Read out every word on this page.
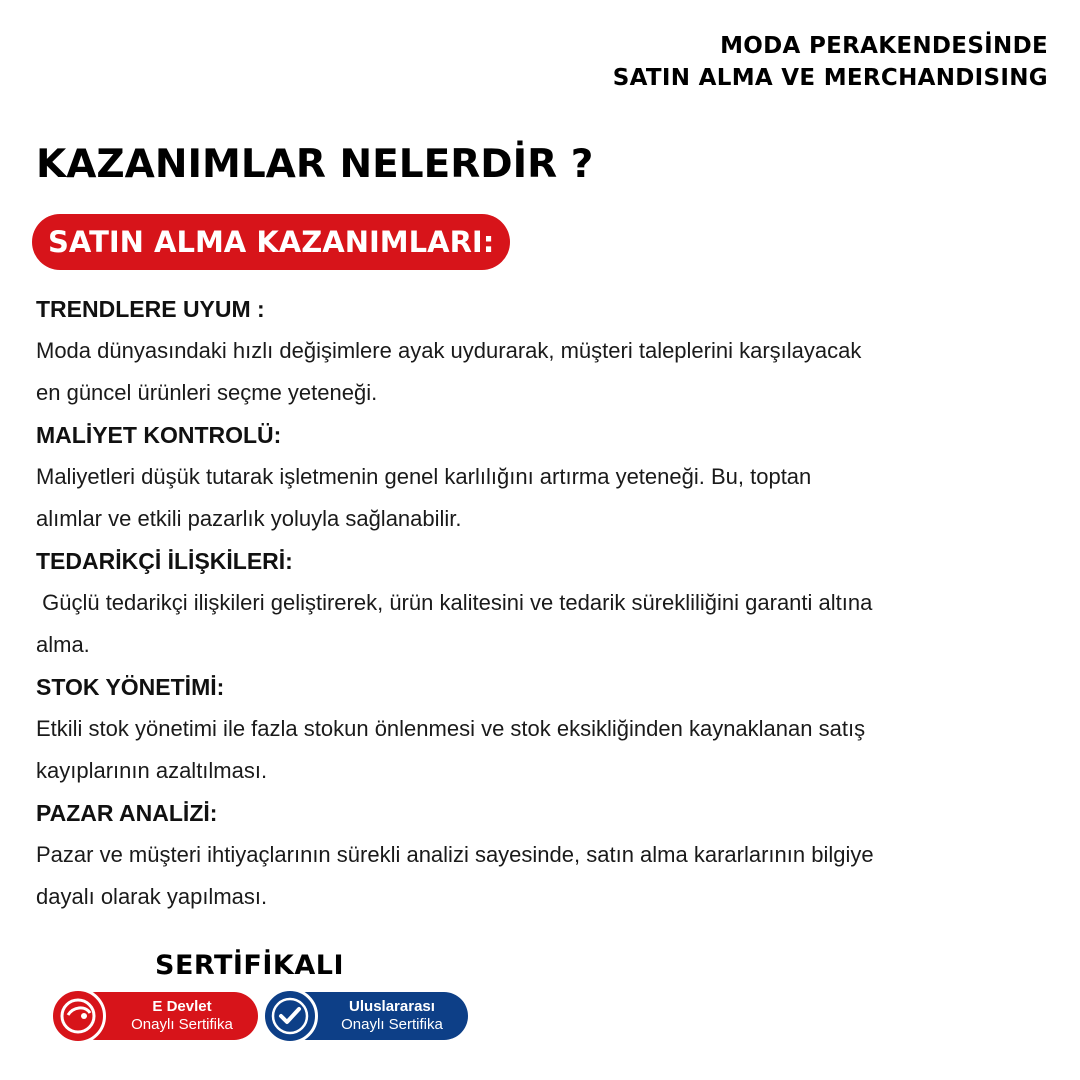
MODA PERAKENDESİNDE
SATIN ALMA VE MERCHANDISING
KAZANIMLAR NELERDİR ?
SATIN ALMA KAZANIMLARI:
TRENDLERE UYUM :
Moda dünyasındaki hızlı değişimlere ayak uydurarak, müşteri taleplerini karşılayacak
en güncel ürünleri seçme yeteneği.
MALİYET KONTROLÜ:
Maliyetleri düşük tutarak işletmenin genel karlılığını artırma yeteneği. Bu, toptan
alımlar ve etkili pazarlık yoluyla sağlanabilir.
TEDARİKÇİ İLİŞKİLERİ:
Güçlü tedarikçi ilişkileri geliştirerek, ürün kalitesini ve tedarik sürekliliğini garanti altına
alma.
STOK YÖNETİMİ:
Etkili stok yönetimi ile fazla stokun önlenmesi ve stok eksikliğinden kaynaklanan satış
kayıplarının azaltılması.
PAZAR ANALİZİ:
Pazar ve müşteri ihtiyaçlarının sürekli analizi sayesinde, satın alma kararlarının bilgiye
dayalı olarak yapılması.
SERTİFİKALI
E Devlet
Onaylı Sertifika
Uluslararası
Onaylı Sertifika
